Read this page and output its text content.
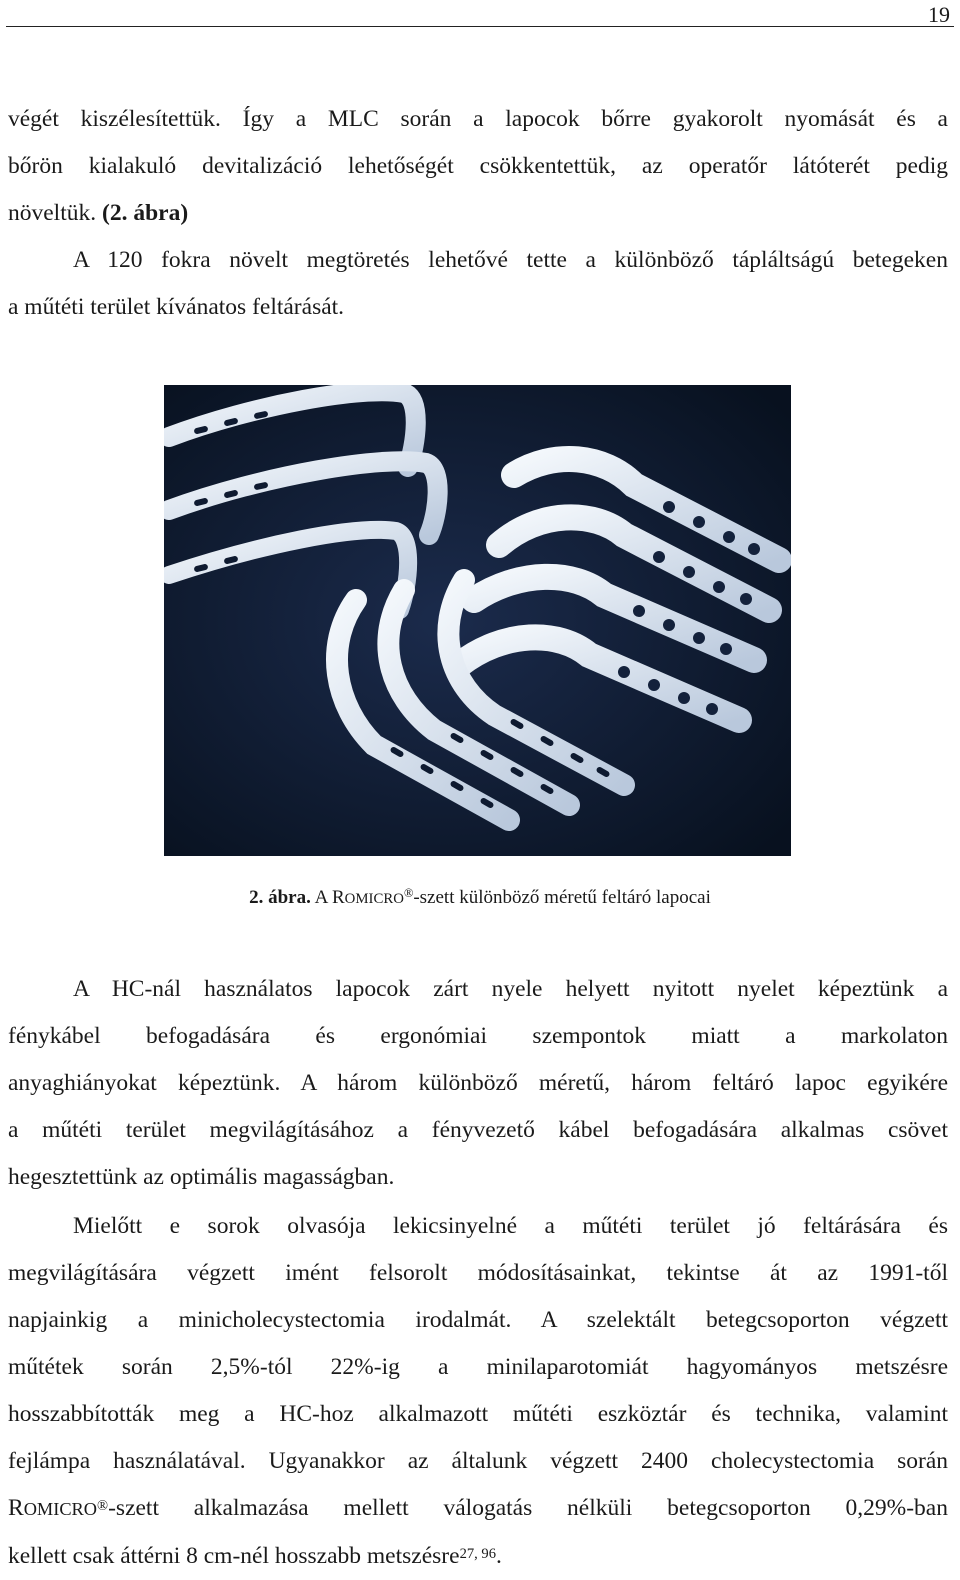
19
végét kiszélesítettük. Így a MLC során a lapocok bőrre gyakorolt nyomását és a
bőrön kialakuló devitalizáció lehetőségét csökkentettük, az operatőr látóterét pedig
növeltük. (2. ábra)
A 120 fokra növelt megtöretés lehetővé tette a különböző tápláltságú betegeken
a műtéti terület kívánatos feltárását.
2. ábra. A ROMICRO®-szett különböző méretű feltáró lapocai
A HC-nál használatos lapocok zárt nyele helyett nyitott nyelet képeztünk a
fénykábel befogadására és ergonómiai szempontok miatt a markolaton
anyaghiányokat képeztünk. A három különböző méretű, három feltáró lapoc egyikére
a műtéti terület megvilágításához a fényvezető kábel befogadására alkalmas csövet
hegesztettünk az optimális magasságban.
Mielőtt e sorok olvasója lekicsinyelné a műtéti terület jó feltárására és
megvilágítására végzett imént felsorolt módosításainkat, tekintse át az 1991-től
napjainkig a minicholecystectomia irodalmát. A szelektált betegcsoporton végzett
műtétek során 2,5%-tól 22%-ig a minilaparotomiát hagyományos metszésre
hosszabbították meg a HC-hoz alkalmazott műtéti eszköztár és technika, valamint
fejlámpa használatával. Ugyanakkor az általunk végzett 2400 cholecystectomia során
ROMICRO®-szett alkalmazása mellett válogatás nélküli betegcsoporton 0,29%-ban
kellett csak áttérni 8 cm-nél hosszabb metszésre$^{27, 96}$.
